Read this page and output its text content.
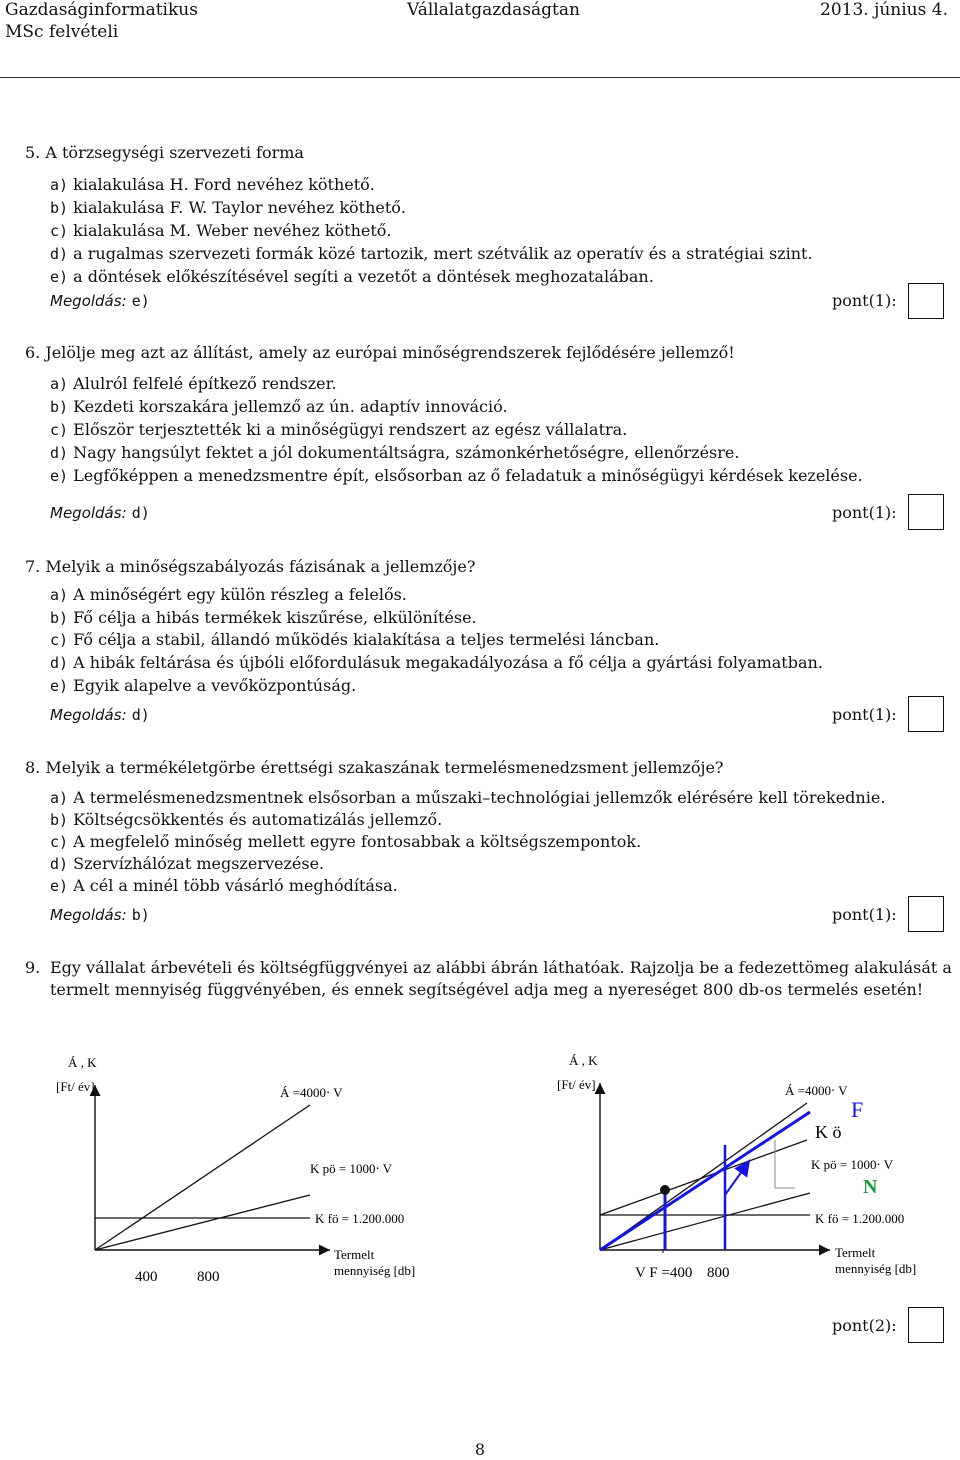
Gazdaságinformatikus
MSc felvételi
Vállalatgazdaságtan	2013. június 4.
5. A törzsegységi szervezeti forma
a) kialakulása H. Ford nevéhez köthető.
b) kialakulása F. W. Taylor nevéhez köthető.
c) kialakulása M. Weber nevéhez köthető.
d) a rugalmas szervezeti formák közé tartozik, mert szétválik az operatív és a stratégiai szint.
e) a döntések előkészítésével segíti a vezetőt a döntések meghozatalában.
Megoldás: e)	pont(1):
6. Jelölje meg azt az állítást, amely az európai minőségrendszerek fejlődésére jellemző!
a) Alulról felfelé építkező rendszer.
b) Kezdeti korszakára jellemző az ún. adaptív innováció.
c) Először terjesztették ki a minőségügyi rendszert az egész vállalatra.
d) Nagy hangsúlyt fektet a jól dokumentáltságra, számonkérhetőségre, ellenőrzésre.
e) Legfőképpen a menedzsmentre épít, elsősorban az ő feladatuk a minőségügyi kérdések kezelése.
Megoldás: d)	pont(1):
7. Melyik a minőségszabályozás fázisának a jellemzője?
a) A minőségért egy külön részleg a felelős.
b) Fő célja a hibás termékek kiszűrése, elkülönítése.
c) Fő célja a stabil, állandó működés kialakítása a teljes termelési láncban.
d) A hibák feltárása és újbóli előfordulásuk megakadályozása a fő célja a gyártási folyamatban.
e) Egyik alapelve a vevőközpontúság.
Megoldás: d)	pont(1):
8. Melyik a termékéletgörbe érettségi szakaszának termelésmenedzsment jellemzője?
a) A termelésmenedzsmentnek elsősorban a műszaki–technológiai jellemzők elérésére kell törekednie.
b) Költségcsökkentés és automatizálás jellemző.
c) A megfelelő minőség mellett egyre fontosabbak a költségszempontok.
d) Szervízhálózat megszervezése.
e) A cél a minél több vásárló meghódítása.
Megoldás: b)	pont(1):
9. Egy vállalat árbevételi és költségfüggvényei az alábbi ábrán láthatóak. Rajzolja be a fedezettömeg alakulását a
termelt mennyiség függvényében, és ennek segítségével adja meg a nyereséget 800 db-os termelés esetén!
Á , K
[Ft/ év]	Á =4000⋅ V
K pö = 1000⋅ V
K fö = 1.200.000
Termelt
mennyiség [db]
400	800
Á , K
[Ft/ év]	Á =4000⋅ V
F
K ö
K pö = 1000⋅ V
N
K fö = 1.200.000
Termelt
mennyiség [db]
V F =400 800
pont(2):
8
